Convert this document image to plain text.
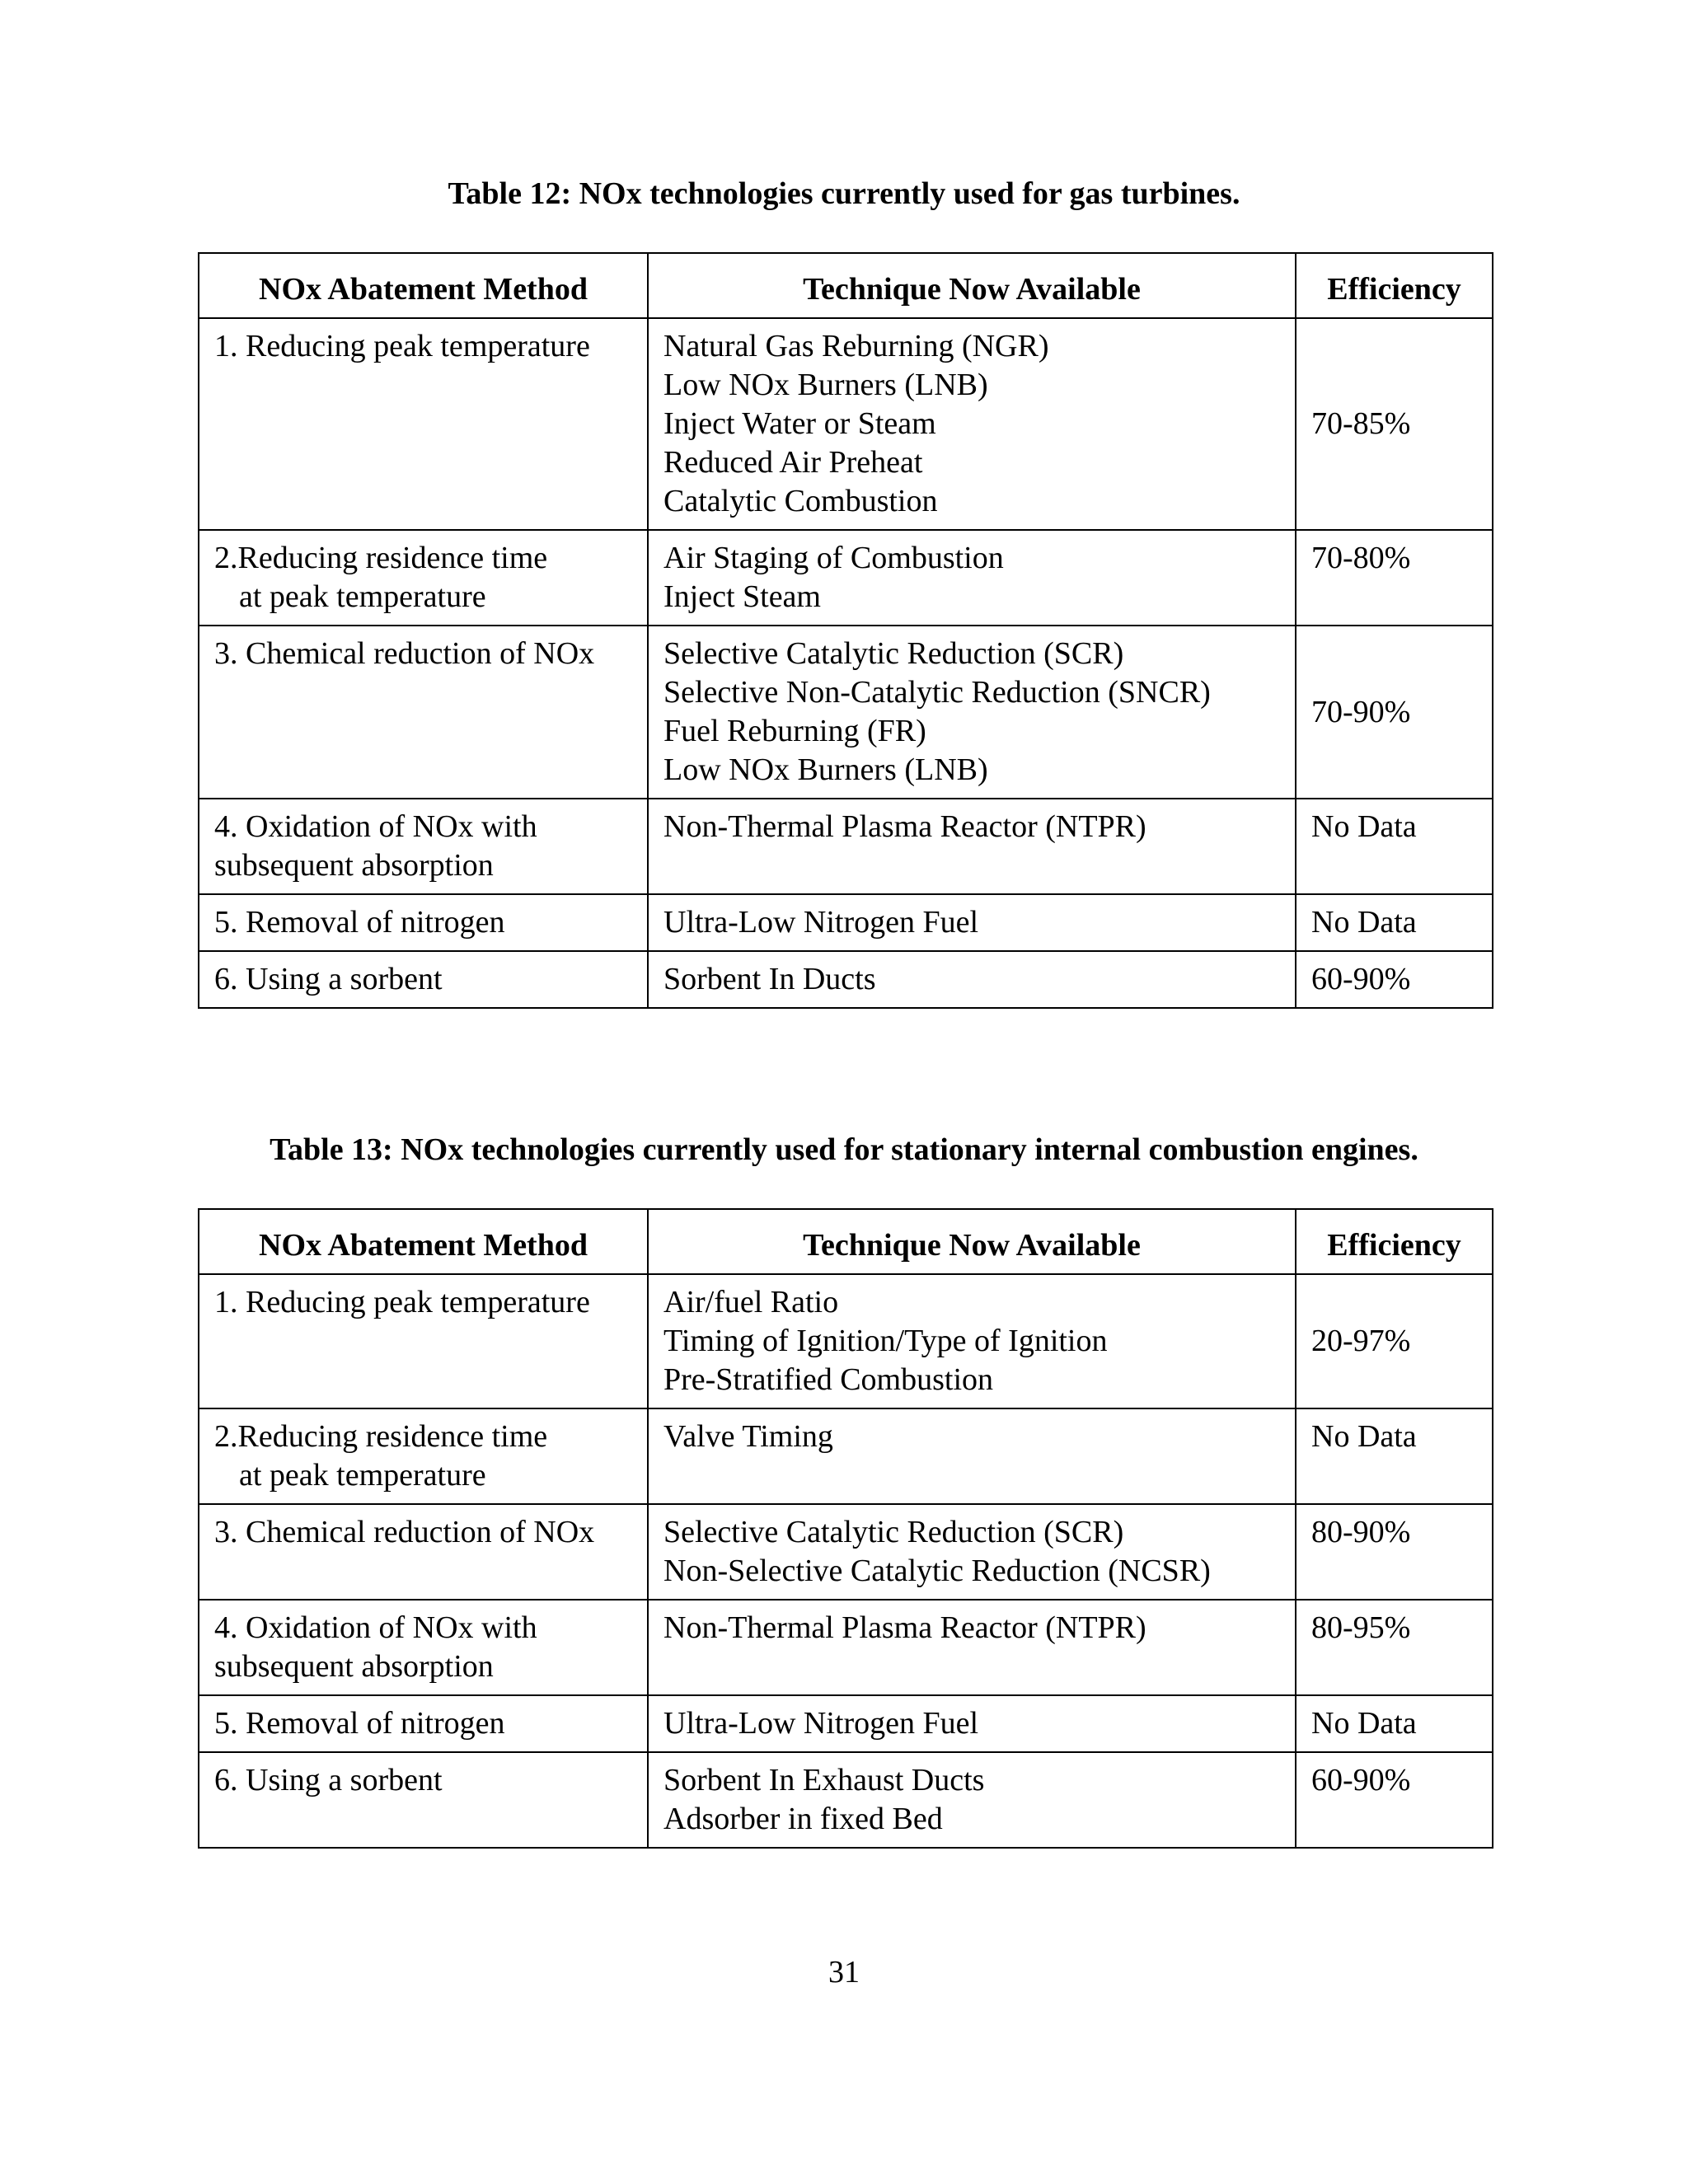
Table 12: NOx technologies currently used for gas turbines.

NOx Abatement Method	Technique Now Available	Efficiency

1. Reducing peak temperature	Natural Gas Reburning (NGR)
Low NOx Burners (LNB)
Inject Water or Steam
Reduced Air Preheat
Catalytic Combustion	70-85%

2.Reducing residence time
at peak temperature	Air Staging of Combustion
Inject Steam	70-80%

3. Chemical reduction of NOx	Selective Catalytic Reduction (SCR)
Selective Non-Catalytic Reduction (SNCR)
Fuel Reburning (FR)
Low NOx Burners (LNB)	70-90%

4. Oxidation of NOx with
subsequent absorption	Non-Thermal Plasma Reactor (NTPR)	No Data

5. Removal of nitrogen	Ultra-Low Nitrogen Fuel	No Data

6. Using a sorbent	Sorbent In Ducts	60-90%

Table 13: NOx technologies currently used for stationary internal combustion engines.

NOx Abatement Method	Technique Now Available	Efficiency

1. Reducing peak temperature	Air/fuel Ratio
Timing of Ignition/Type of Ignition
Pre-Stratified Combustion	20-97%

2.Reducing residence time
at peak temperature	Valve Timing	No Data

3. Chemical reduction of NOx	Selective Catalytic Reduction (SCR)
Non-Selective Catalytic Reduction (NCSR)	80-90%

4. Oxidation of NOx with
subsequent absorption	Non-Thermal Plasma Reactor (NTPR)	80-95%

5. Removal of nitrogen	Ultra-Low Nitrogen Fuel	No Data

6. Using a sorbent	Sorbent In Exhaust Ducts
Adsorber in fixed Bed	60-90%
31
